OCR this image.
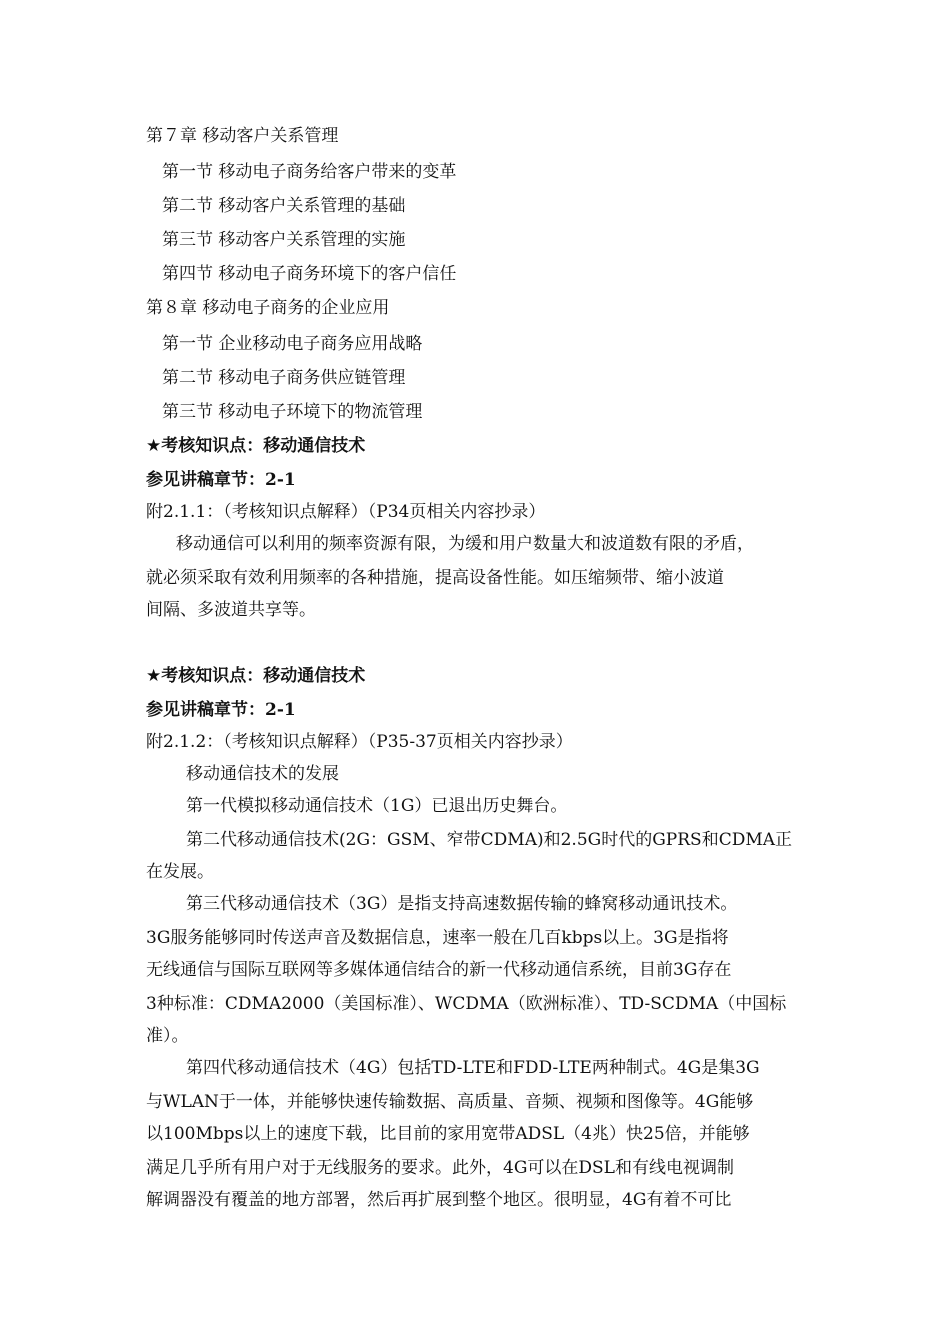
第７章 移动客户关系管理
第一节 移动电子商务给客户带来的变革
第二节 移动客户关系管理的基础
第三节 移动客户关系管理的实施
第四节 移动电子商务环境下的客户信任
第８章 移动电子商务的企业应用
第一节 企业移动电子商务应用战略
第二节 移动电子商务供应链管理
第三节 移动电子环境下的物流管理
★考核知识点：移动通信技术
参见讲稿章节：2-1
附2.1.1：（考核知识点解释）（P34页相关内容抄录）
移动通信可以利用的频率资源有限，为缓和用户数量大和波道数有限的矛盾，
就必须采取有效利用频率的各种措施，提高设备性能。如压缩频带、缩小波道
间隔、多波道共享等。
★考核知识点：移动通信技术
参见讲稿章节：2-1
附2.1.2：（考核知识点解释）（P35-37页相关内容抄录）
移动通信技术的发展
第一代模拟移动通信技术（1G）已退出历史舞台。
第二代移动通信技术(2G：GSM、窄带CDMA)和2.5G时代的GPRS和CDMA正
在发展。
第三代移动通信技术（3G）是指支持高速数据传输的蜂窝移动通讯技术。
3G服务能够同时传送声音及数据信息，速率一般在几百kbps以上。3G是指将
无线通信与国际互联网等多媒体通信结合的新一代移动通信系统，目前3G存在
3种标准：CDMA2000（美国标准）、WCDMA（欧洲标准）、TD-SCDMA（中国标
准）。
第四代移动通信技术（4G）包括TD-LTE和FDD-LTE两种制式。4G是集3G
与WLAN于一体，并能够快速传输数据、高质量、音频、视频和图像等。4G能够
以100Mbps以上的速度下载，比目前的家用宽带ADSL（4兆）快25倍，并能够
满足几乎所有用户对于无线服务的要求。此外，4G可以在DSL和有线电视调制
解调器没有覆盖的地方部署，然后再扩展到整个地区。很明显，4G有着不可比
